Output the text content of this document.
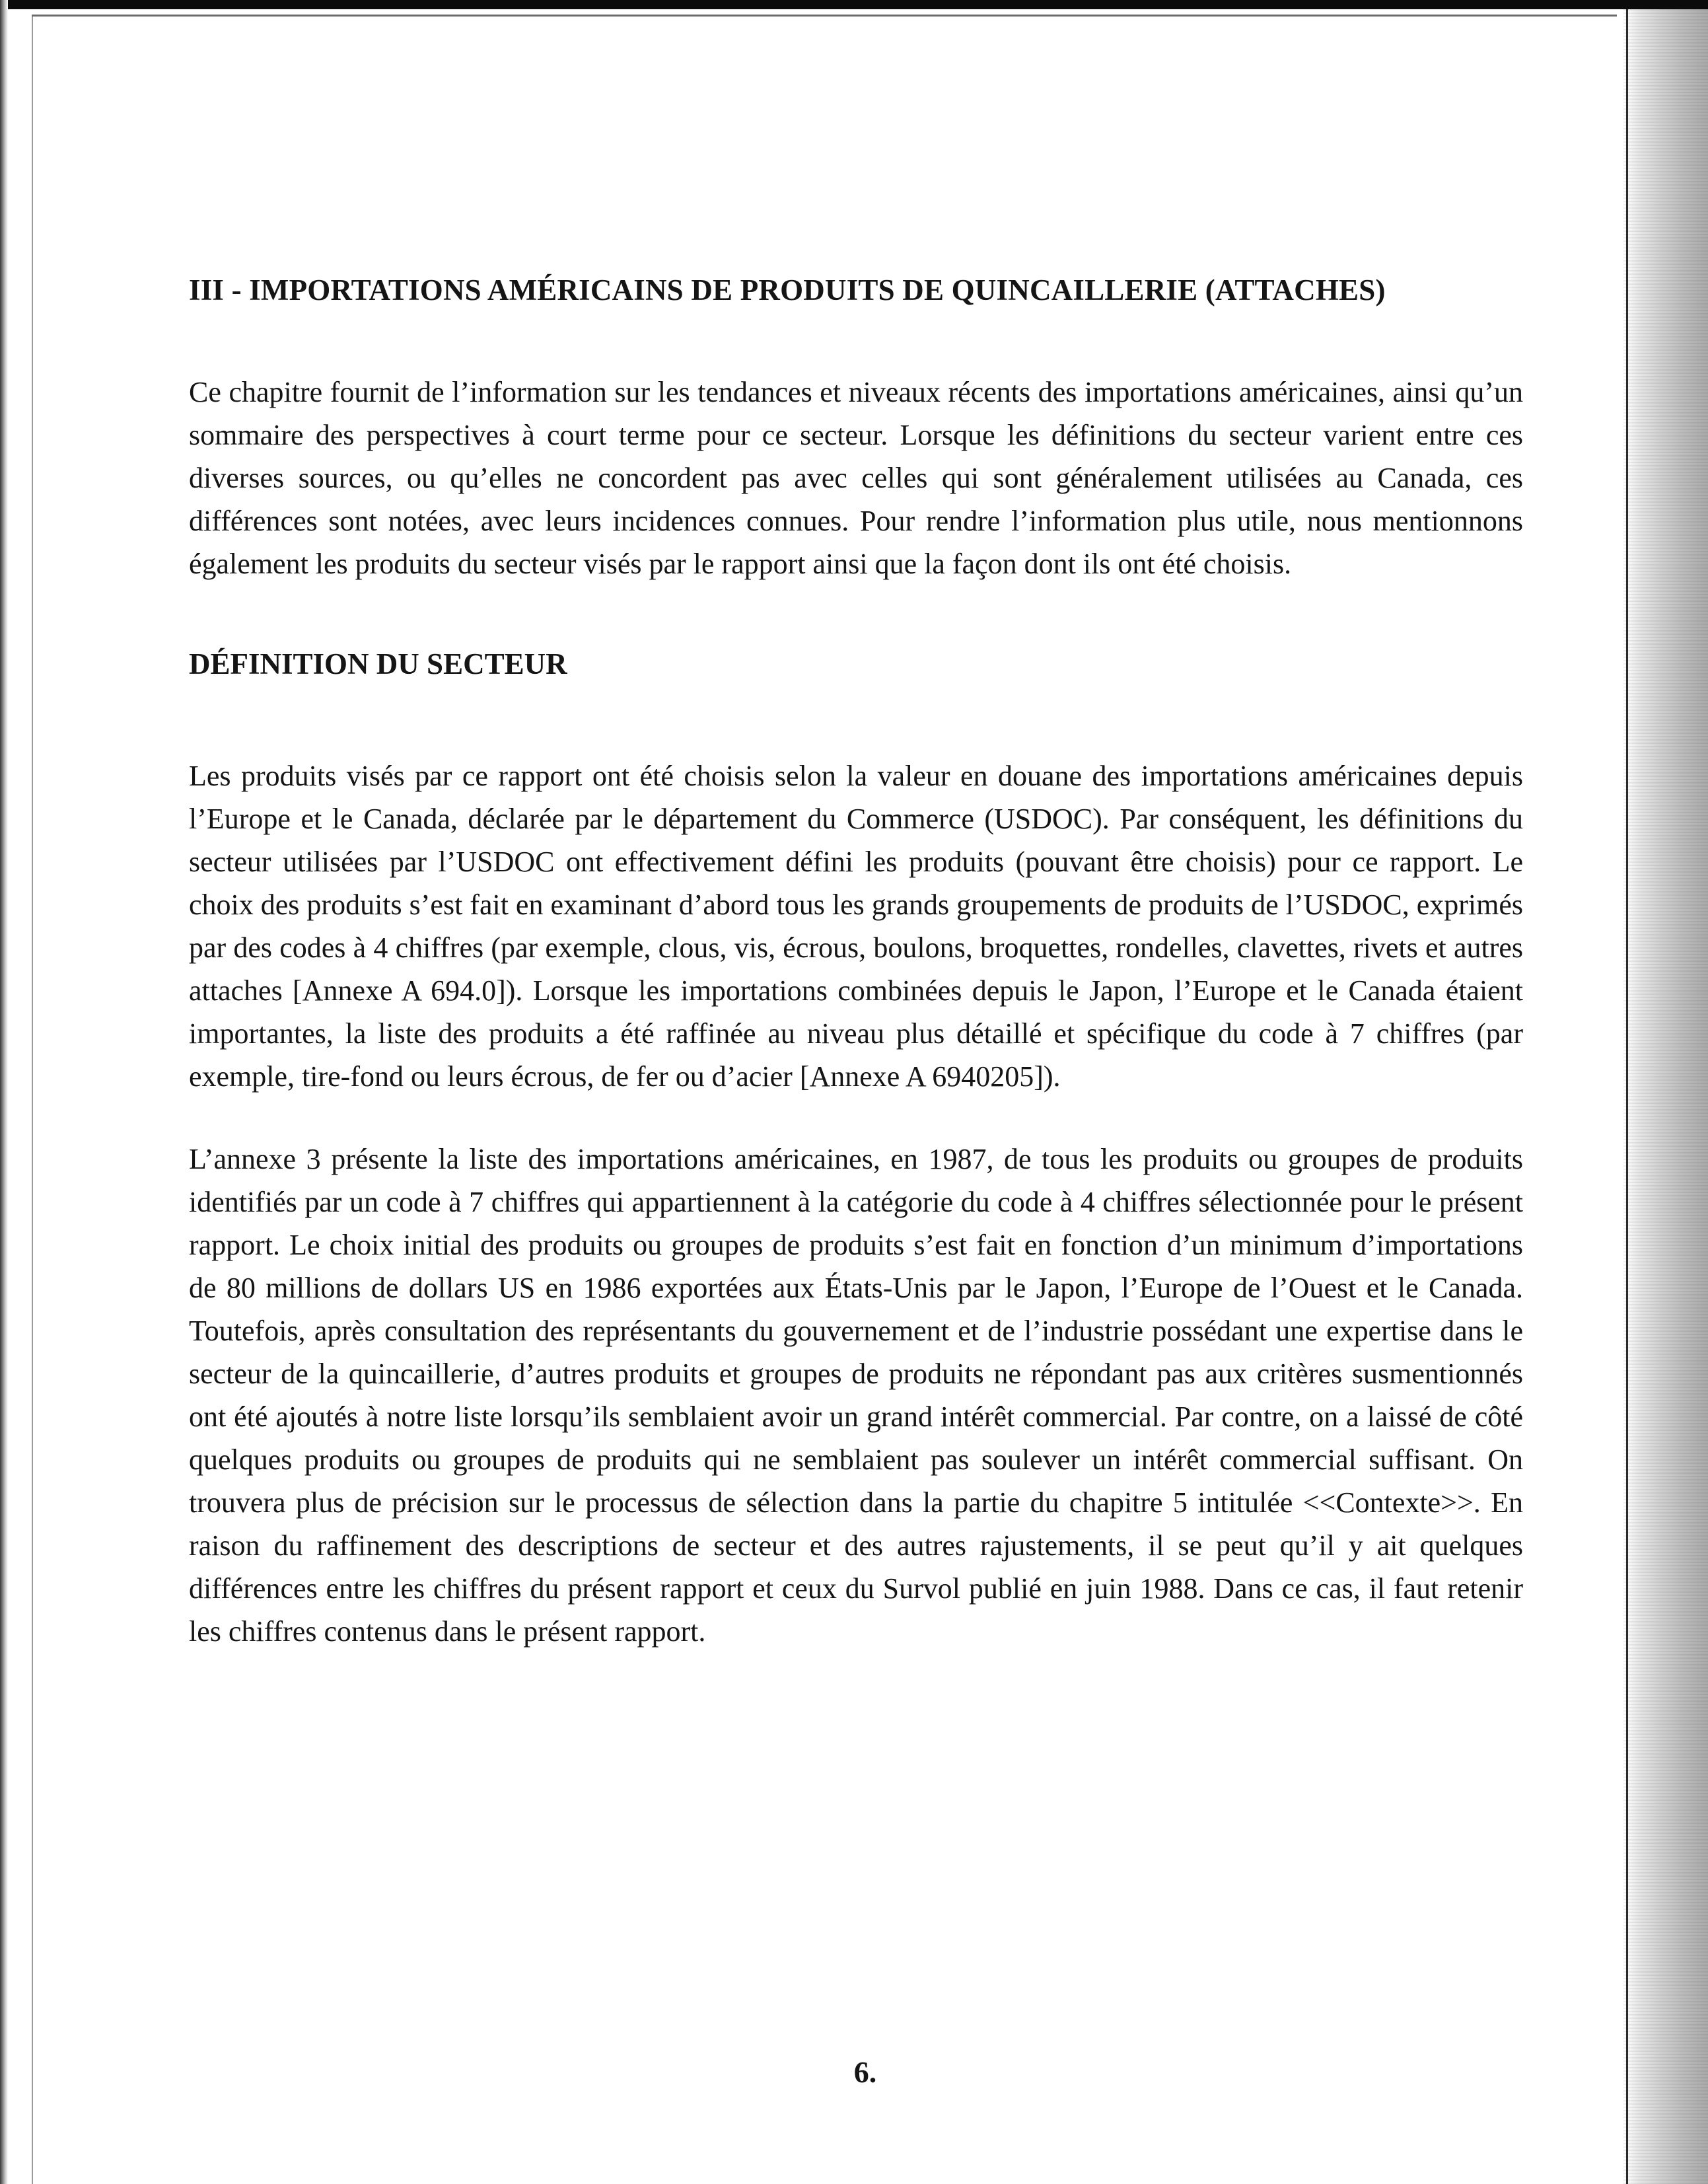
III - IMPORTATIONS AMÉRICAINS DE PRODUITS DE QUINCAILLERIE (ATTACHES)

Ce chapitre fournit de l’information sur les tendances et niveaux récents des importations américaines, ainsi qu’un sommaire des perspectives à court terme pour ce secteur. Lorsque les définitions du secteur varient entre ces diverses sources, ou qu’elles ne concordent pas avec celles qui sont généralement utilisées au Canada, ces différences sont notées, avec leurs incidences connues. Pour rendre l’information plus utile, nous mentionnons également les produits du secteur visés par le rapport ainsi que la façon dont ils ont été choisis.

DÉFINITION DU SECTEUR

Les produits visés par ce rapport ont été choisis selon la valeur en douane des importations américaines depuis l’Europe et le Canada, déclarée par le département du Commerce (USDOC). Par conséquent, les définitions du secteur utilisées par l’USDOC ont effectivement défini les produits (pouvant être choisis) pour ce rapport. Le choix des produits s’est fait en examinant d’abord tous les grands groupements de produits de l’USDOC, exprimés par des codes à 4 chiffres (par exemple, clous, vis, écrous, boulons, broquettes, rondelles, clavettes, rivets et autres attaches [Annexe A 694.0]). Lorsque les importations combinées depuis le Japon, l’Europe et le Canada étaient importantes, la liste des produits a été raffinée au niveau plus détaillé et spécifique du code à 7 chiffres (par exemple, tire-fond ou leurs écrous, de fer ou d’acier [Annexe A 6940205]).

L’annexe 3 présente la liste des importations américaines, en 1987, de tous les produits ou groupes de produits identifiés par un code à 7 chiffres qui appartiennent à la catégorie du code à 4 chiffres sélectionnée pour le présent rapport. Le choix initial des produits ou groupes de produits s’est fait en fonction d’un minimum d’importations de 80 millions de dollars US en 1986 exportées aux États-Unis par le Japon, l’Europe de l’Ouest et le Canada. Toutefois, après consultation des représentants du gouvernement et de l’industrie possédant une expertise dans le secteur de la quincaillerie, d’autres produits et groupes de produits ne répondant pas aux critères susmentionnés ont été ajoutés à notre liste lorsqu’ils semblaient avoir un grand intérêt commercial. Par contre, on a laissé de côté quelques produits ou groupes de produits qui ne semblaient pas soulever un intérêt commercial suffisant. On trouvera plus de précision sur le processus de sélection dans la partie du chapitre 5 intitulée <<Contexte>>. En raison du raffinement des descriptions de secteur et des autres rajustements, il se peut qu’il y ait quelques différences entre les chiffres du présent rapport et ceux du Survol publié en juin 1988. Dans ce cas, il faut retenir les chiffres contenus dans le présent rapport.

6.
